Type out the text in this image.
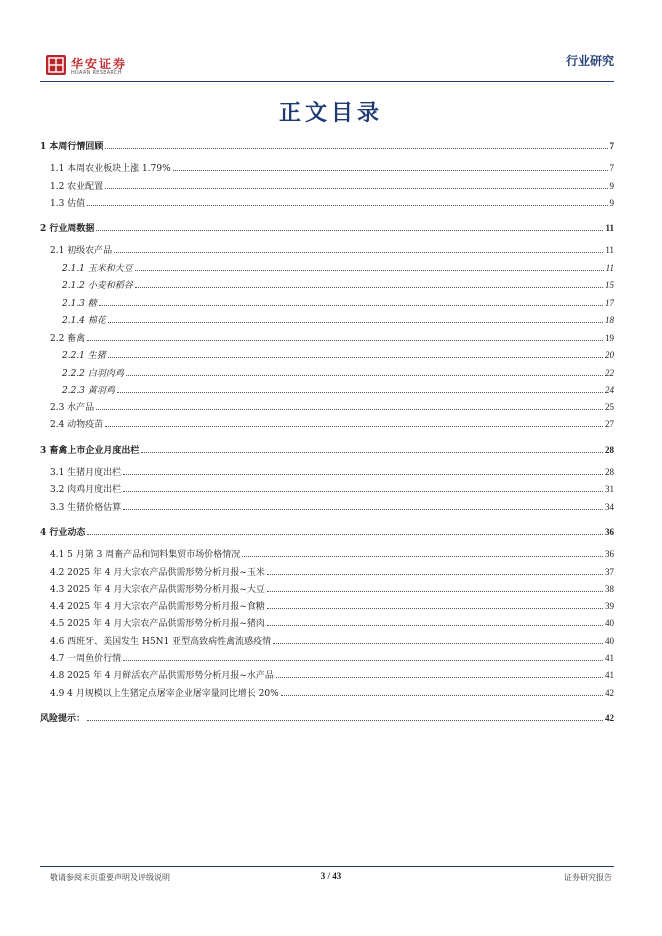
华安证券
HUAAN RESEARCH
行业研究
正文目录
1 本周行情回顾	7
1.1 本周农业板块上涨 1.79%	7
1.2 农业配置	9
1.3 估值	9
2 行业周数据	11
2.1 初级农产品	11
2.1.1 玉米和大豆	11
2.1.2 小麦和稻谷	15
2.1.3 糖	17
2.1.4 棉花	18
2.2 畜禽	19
2.2.1 生猪	20
2.2.2 白羽肉鸡	22
2.2.3 黄羽鸡	24
2.3 水产品	25
2.4 动物疫苗	27
3 畜禽上市企业月度出栏	28
3.1 生猪月度出栏	28
3.2 肉鸡月度出栏	31
3.3 生猪价格估算	34
4 行业动态	36
4.1 5 月第 3 周畜产品和饲料集贸市场价格情况	36
4.2 2025 年 4 月大宗农产品供需形势分析月报~玉米	37
4.3 2025 年 4 月大宗农产品供需形势分析月报~大豆	38
4.4 2025 年 4 月大宗农产品供需形势分析月报~食糖	39
4.5 2025 年 4 月大宗农产品供需形势分析月报~猪肉	40
4.6 西班牙、美国发生 H5N1 亚型高致病性禽流感疫情	40
4.7 一周鱼价行情	41
4.8 2025 年 4 月鲜活农产品供需形势分析月报~水产品	41
4.9 4 月规模以上生猪定点屠宰企业屠宰量同比增长 20%	42
风险提示：	42
敬请参阅末页重要声明及评级说明	3 / 43	证券研究报告
